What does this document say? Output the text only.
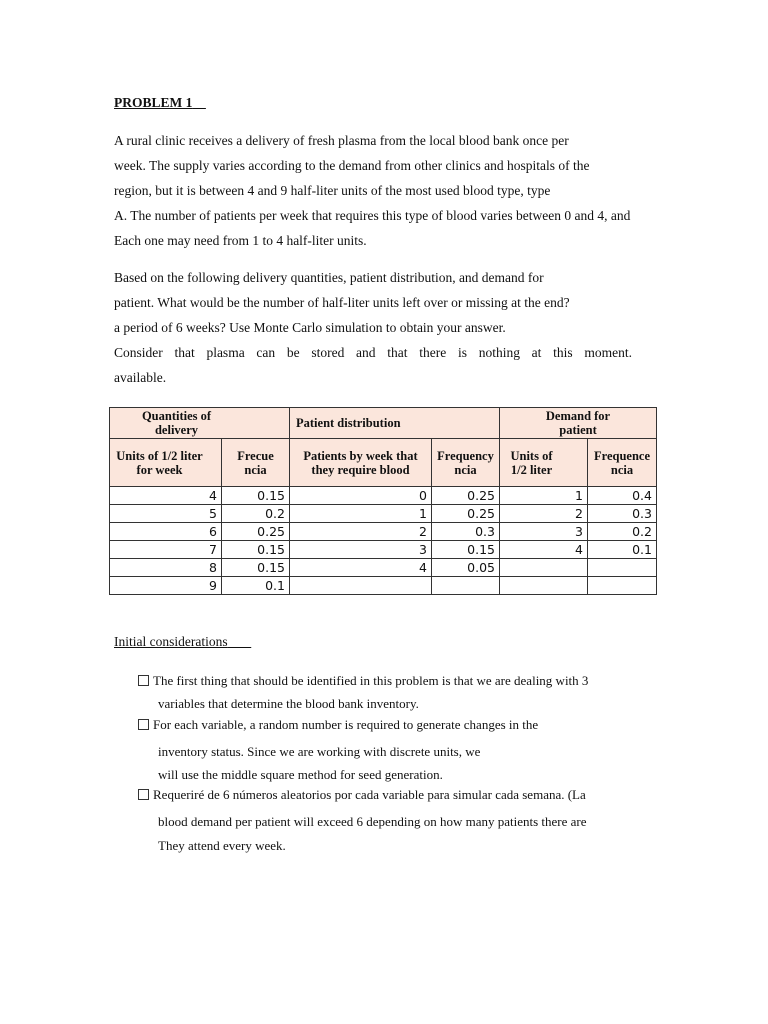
PROBLEM 1
A rural clinic receives a delivery of fresh plasma from the local blood bank once per
week. The supply varies according to the demand from other clinics and hospitals of the
region, but it is between 4 and 9 half-liter units of the most used blood type, type
A. The number of patients per week that requires this type of blood varies between 0 and 4, and
Each one may need from 1 to 4 half-liter units.
Based on the following delivery quantities, patient distribution, and demand for
patient. What would be the number of half-liter units left over or missing at the end?
a period of 6 weeks? Use Monte Carlo simulation to obtain your answer.
Consider that plasma can be stored and that there is nothing at this moment.
available.
Quantities of delivery		Patient distribution		Demand for patient	
Units of 1/2 liter for week	Frecue ncia	Patients by week that they require blood	Frequency ncia	Units of 1/2 liter	Frequence ncia
4	0.15	0	0.25	1	0.4
5	0.2	1	0.25	2	0.3
6	0.25	2	0.3	3	0.2
7	0.15	3	0.15	4	0.1
8	0.15	4	0.05		
9	0.1				
Initial considerations
The first thing that should be identified in this problem is that we are dealing with 3
variables that determine the blood bank inventory.
For each variable, a random number is required to generate changes in the
inventory status. Since we are working with discrete units, we
will use the middle square method for seed generation.
Requeriré de 6 números aleatorios por cada variable para simular cada semana. (La
blood demand per patient will exceed 6 depending on how many patients there are
They attend every week.
